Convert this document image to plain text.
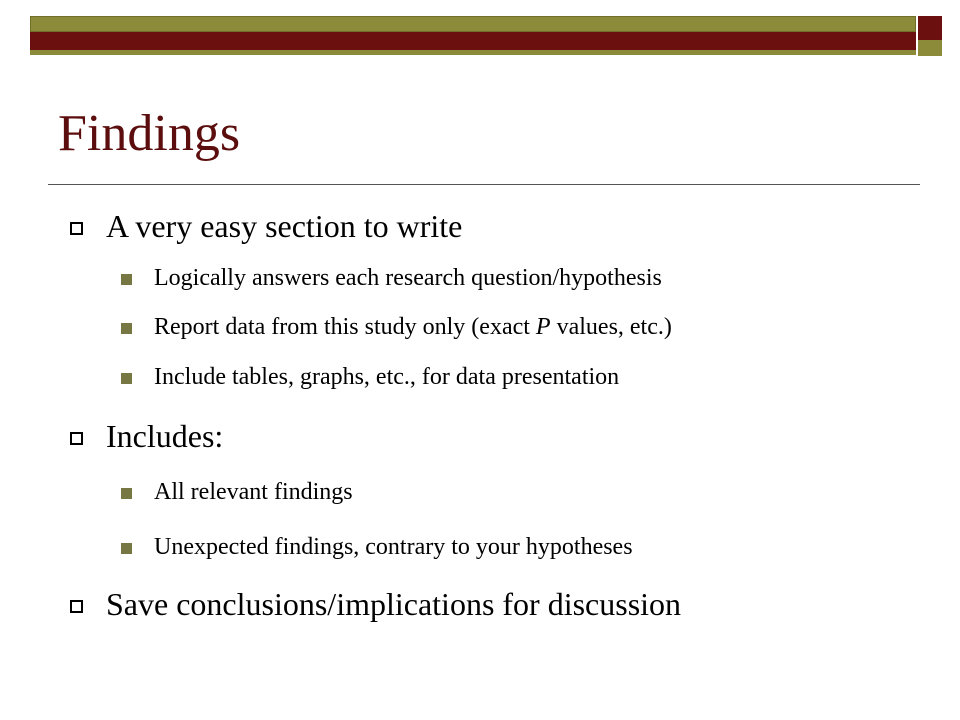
Findings
A very easy section to write
Logically answers each research question/hypothesis
Report data from this study only (exact P values, etc.)
Include tables, graphs, etc., for data presentation
Includes:
All relevant findings
Unexpected findings, contrary to your hypotheses
Save conclusions/implications for discussion
